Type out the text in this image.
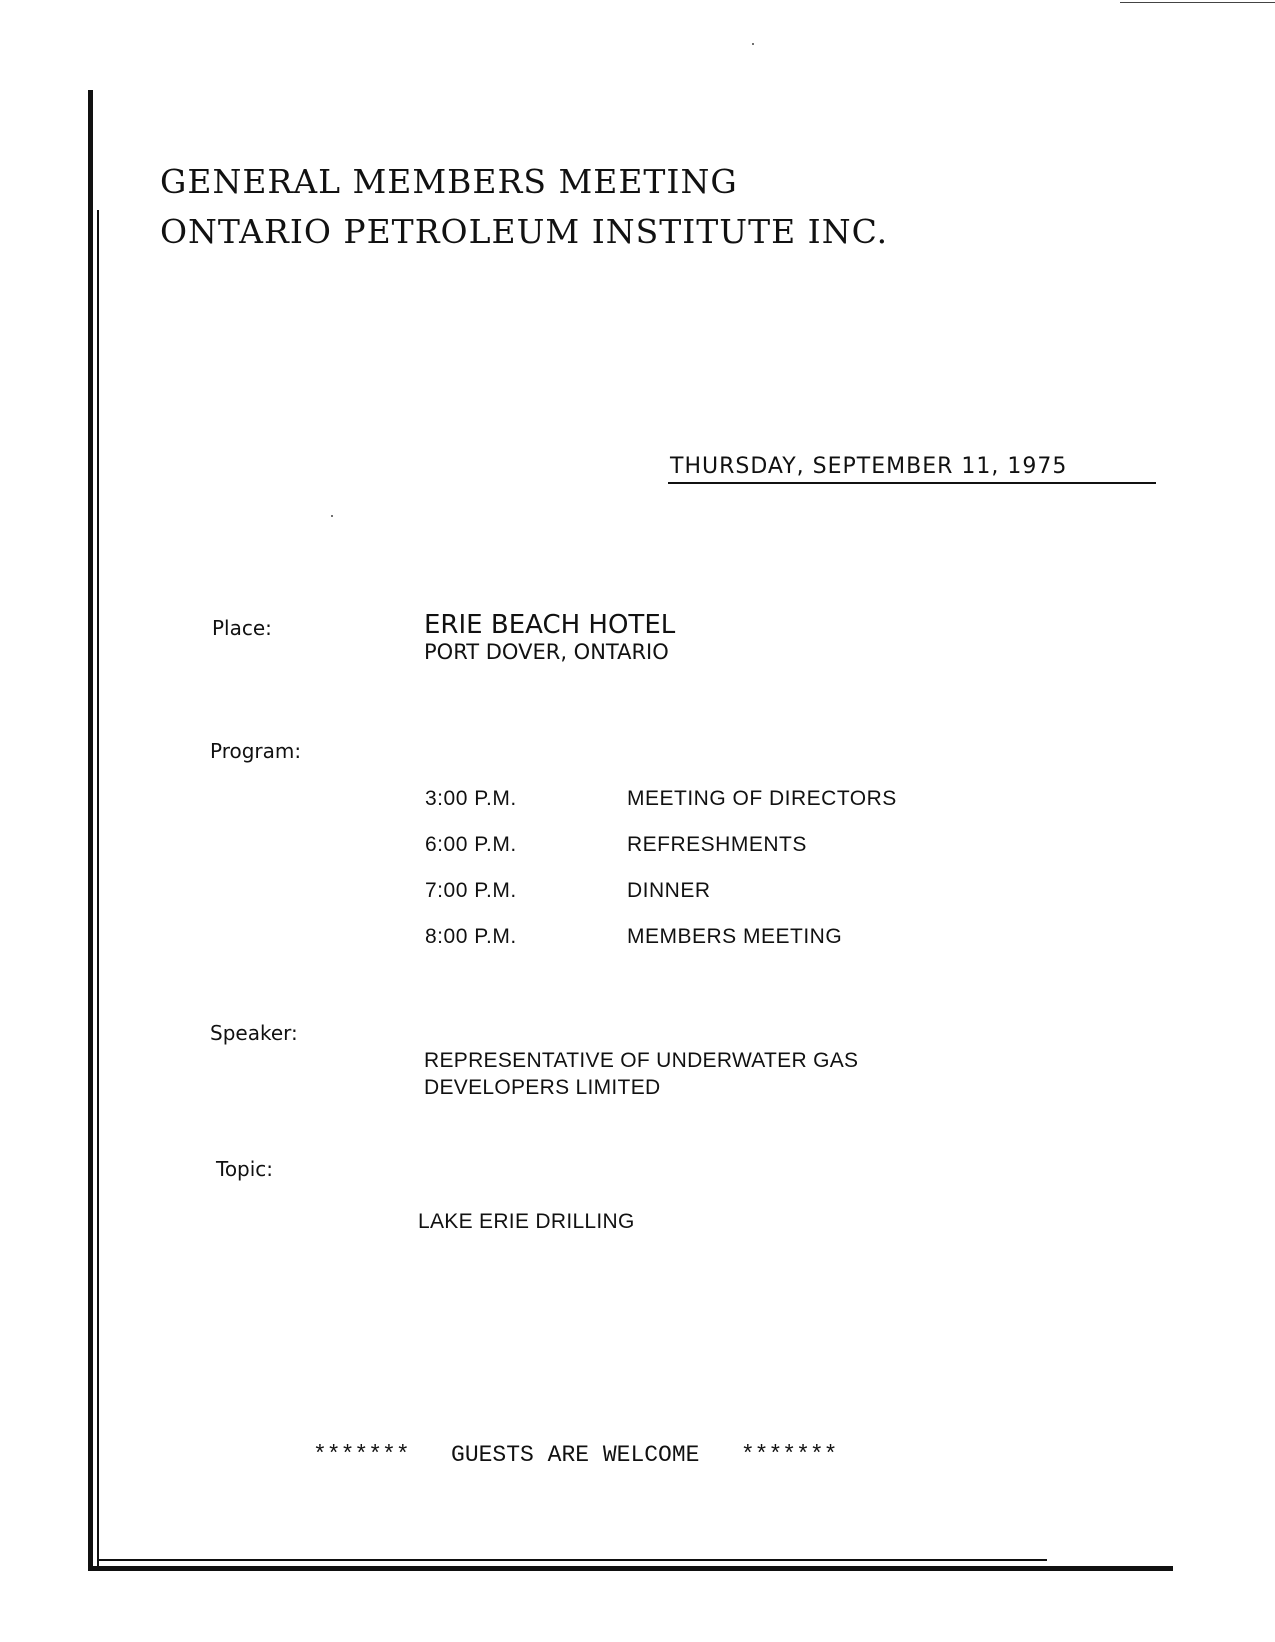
GENERAL MEMBERS MEETING
ONTARIO PETROLEUM INSTITUTE INC.
THURSDAY, SEPTEMBER 11, 1975
Place:	ERIE BEACH HOTEL
PORT DOVER, ONTARIO
Program:
3:00 P.M.	MEETING OF DIRECTORS
6:00 P.M.	REFRESHMENTS
7:00 P.M.	DINNER
8:00 P.M.	MEMBERS MEETING
Speaker:
REPRESENTATIVE OF UNDERWATER GAS
DEVELOPERS LIMITED
Topic:
LAKE ERIE DRILLING
*******   GUESTS ARE WELCOME   *******
